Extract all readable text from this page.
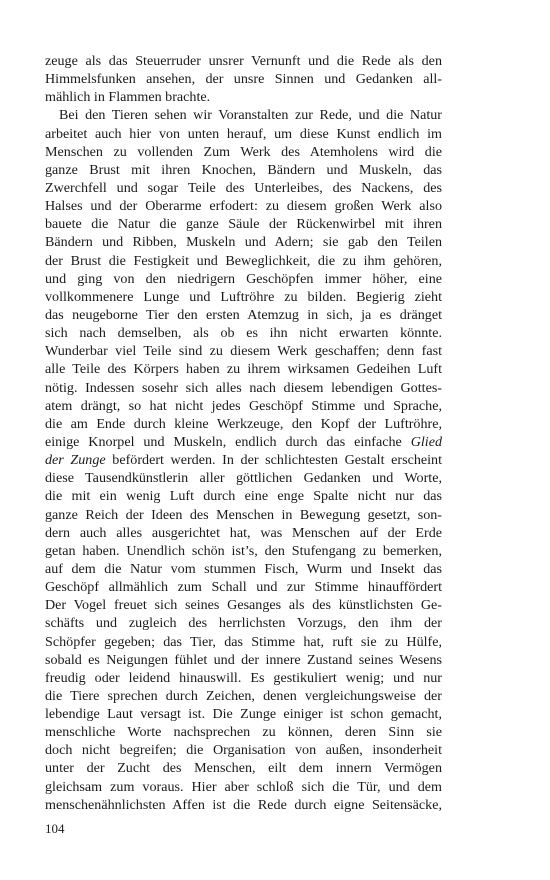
zeuge als das Steuerruder unsrer Vernunft und die Rede als den
Himmelsfunken ansehen, der unsre Sinnen und Gedanken all-
mählich in Flammen brachte.
Bei den Tieren sehen wir Voranstalten zur Rede, und die Natur
arbeitet auch hier von unten herauf, um diese Kunst endlich im
Menschen zu vollenden Zum Werk des Atemholens wird die
ganze Brust mit ihren Knochen, Bändern und Muskeln, das
Zwerchfell und sogar Teile des Unterleibes, des Nackens, des
Halses und der Oberarme erfodert: zu diesem großen Werk also
bauete die Natur die ganze Säule der Rückenwirbel mit ihren
Bändern und Ribben, Muskeln und Adern; sie gab den Teilen
der Brust die Festigkeit und Beweglichkeit, die zu ihm gehören,
und ging von den niedrigern Geschöpfen immer höher, eine
vollkommenere Lunge und Luftröhre zu bilden. Begierig zieht
das neugeborne Tier den ersten Atemzug in sich, ja es dränget
sich nach demselben, als ob es ihn nicht erwarten könnte.
Wunderbar viel Teile sind zu diesem Werk geschaffen; denn fast
alle Teile des Körpers haben zu ihrem wirksamen Gedeihen Luft
nötig. Indessen sosehr sich alles nach diesem lebendigen Gottes-
atem drängt, so hat nicht jedes Geschöpf Stimme und Sprache,
die am Ende durch kleine Werkzeuge, den Kopf der Luftröhre,
einige Knorpel und Muskeln, endlich durch das einfache Glied
der Zunge befördert werden. In der schlichtesten Gestalt erscheint
diese Tausendkünstlerin aller göttlichen Gedanken und Worte,
die mit ein wenig Luft durch eine enge Spalte nicht nur das
ganze Reich der Ideen des Menschen in Bewegung gesetzt, son-
dern auch alles ausgerichtet hat, was Menschen auf der Erde
getan haben. Unendlich schön ist’s, den Stufengang zu bemerken,
auf dem die Natur vom stummen Fisch, Wurm und Insekt das
Geschöpf allmählich zum Schall und zur Stimme hinauffördert
Der Vogel freuet sich seines Gesanges als des künstlichsten Ge-
schäfts und zugleich des herrlichsten Vorzugs, den ihm der
Schöpfer gegeben; das Tier, das Stimme hat, ruft sie zu Hülfe,
sobald es Neigungen fühlet und der innere Zustand seines Wesens
freudig oder leidend hinauswill. Es gestikuliert wenig; und nur
die Tiere sprechen durch Zeichen, denen vergleichungsweise der
lebendige Laut versagt ist. Die Zunge einiger ist schon gemacht,
menschliche Worte nachsprechen zu können, deren Sinn sie
doch nicht begreifen; die Organisation von außen, insonderheit
unter der Zucht des Menschen, eilt dem innern Vermögen
gleichsam zum voraus. Hier aber schloß sich die Tür, und dem
menschenähnlichsten Affen ist die Rede durch eigne Seitensäcke,
104
